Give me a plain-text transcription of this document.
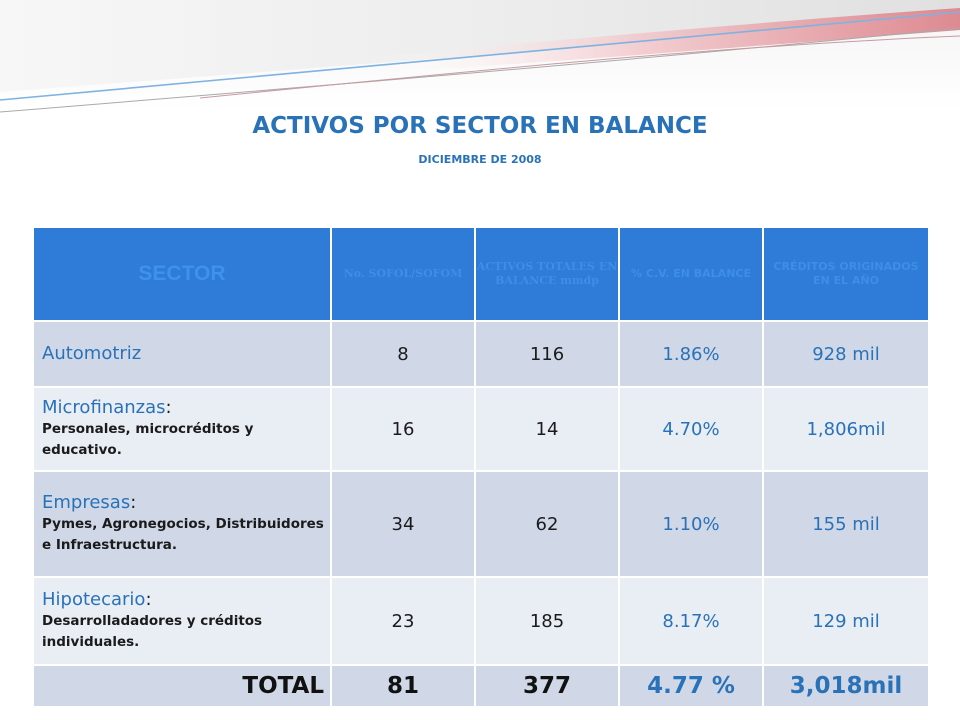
ACTIVOS POR SECTOR EN BALANCE
DICIEMBRE DE 2008
SECTOR	No. SOFOL/SOFOM	ACTIVOS TOTALES EN BALANCE mmdp	% C.V. EN BALANCE	CRÉDITOS ORIGINADOS EN EL AÑO

Automotriz	8	116	1.86%	928 mil

Microfinanzas:
Personales, microcréditos y educativo.	16	14	4.70%	1,806mil

Empresas:
Pymes, Agronegocios, Distribuidores e Infraestructura.	34	62	1.10%	155 mil

Hipotecario:
Desarrolladadores y créditos individuales.	23	185	8.17%	129 mil
TOTAL	81	377	4.77 %	3,018mil
